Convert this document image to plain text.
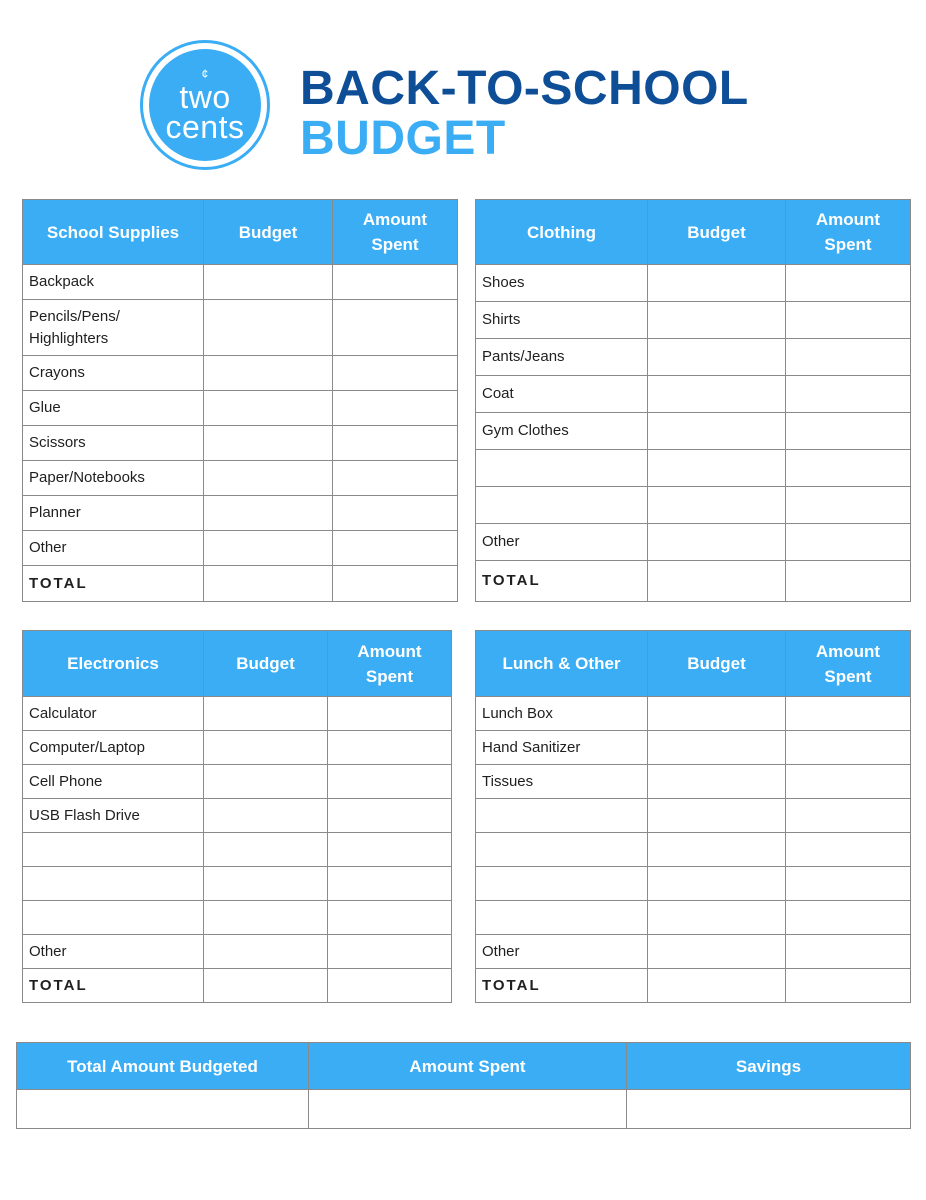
¢
two
cents
BACK-TO-SCHOOL
BUDGET
School Supplies	Budget	Amount Spent
Backpack		
Pencils/Pens/ Highlighters		
Crayons		
Glue		
Scissors		
Paper/Notebooks		
Planner		
Other		
TOTAL		
Clothing	Budget	Amount Spent
Shoes		
Shirts		
Pants/Jeans		
Coat		
Gym Clothes		

Other		
TOTAL		
Electronics	Budget	Amount Spent
Calculator		
Computer/Laptop		
Cell Phone		
USB Flash Drive		

Other		
TOTAL		
Lunch & Other	Budget	Amount Spent
Lunch Box		
Hand Sanitizer		
Tissues		

Other		
TOTAL		
Total Amount Budgeted	Amount Spent	Savings
